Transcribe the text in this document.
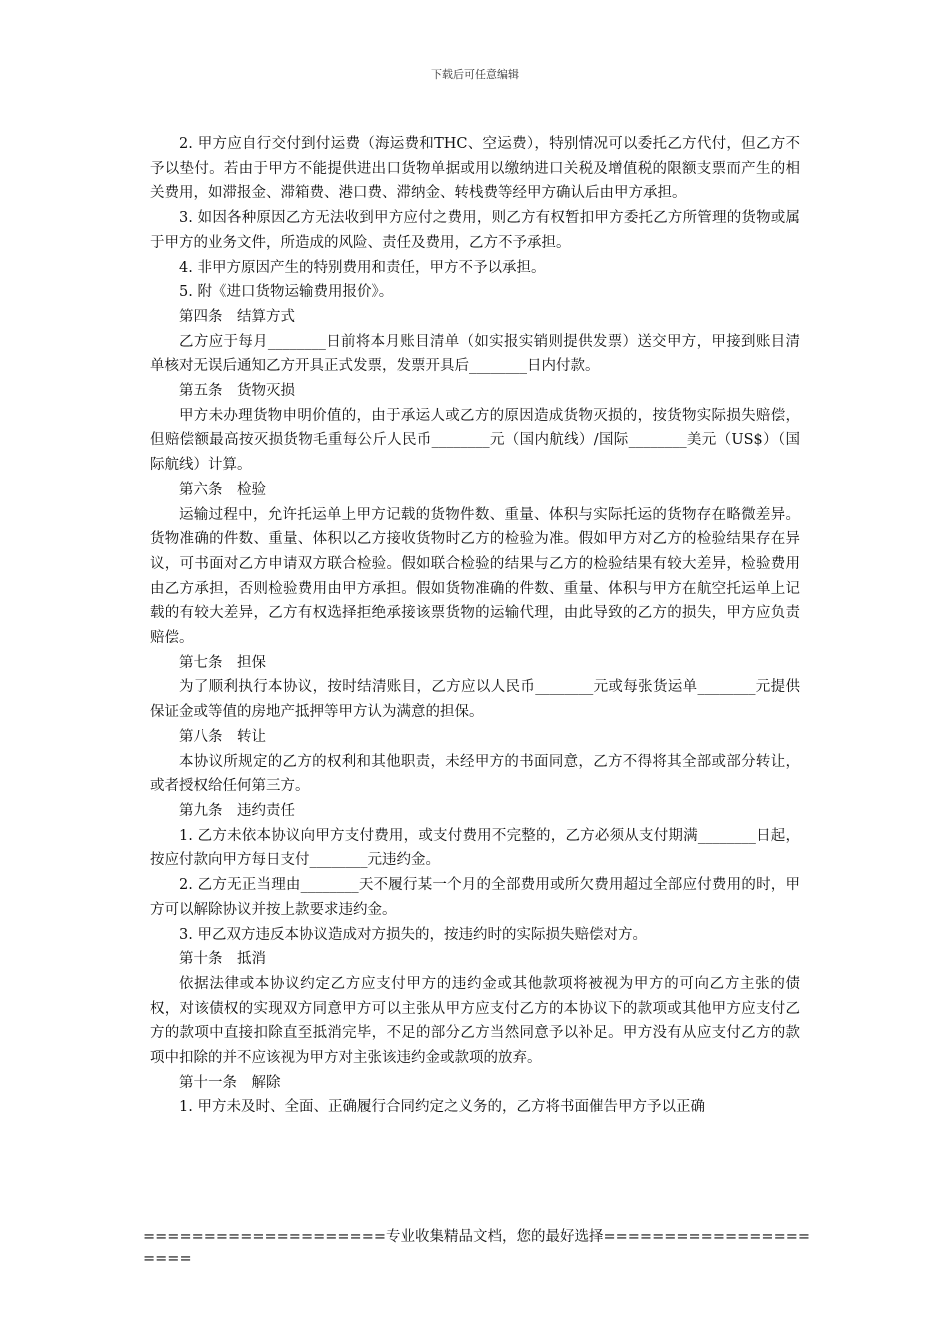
下载后可任意编辑

2. 甲方应自行交付到付运费（海运费和THC、空运费），特别情况可以委托乙方代付，但乙方不予以垫付。若由于甲方不能提供进出口货物单据或用以缴纳进口关税及增值税的限额支票而产生的相关费用，如滞报金、滞箱费、港口费、滞纳金、转栈费等经甲方确认后由甲方承担。

3. 如因各种原因乙方无法收到甲方应付之费用，则乙方有权暂扣甲方委托乙方所管理的货物或属于甲方的业务文件，所造成的风险、责任及费用，乙方不予承担。

4. 非甲方原因产生的特别费用和责任，甲方不予以承担。

5. 附《进口货物运输费用报价》。

第四条　结算方式

乙方应于每月________日前将本月账目清单（如实报实销则提供发票）送交甲方，甲接到账目清单核对无误后通知乙方开具正式发票，发票开具后________日内付款。

第五条　货物灭损

甲方未办理货物申明价值的，由于承运人或乙方的原因造成货物灭损的，按货物实际损失赔偿，但赔偿额最高按灭损货物毛重每公斤人民币________元（国内航线）/国际________美元（US$）（国际航线）计算。

第六条　检验

运输过程中，允许托运单上甲方记载的货物件数、重量、体积与实际托运的货物存在略微差异。货物准确的件数、重量、体积以乙方接收货物时乙方的检验为准。假如甲方对乙方的检验结果存在异议，可书面对乙方申请双方联合检验。假如联合检验的结果与乙方的检验结果有较大差异，检验费用由乙方承担，否则检验费用由甲方承担。假如货物准确的件数、重量、体积与甲方在航空托运单上记载的有较大差异，乙方有权选择拒绝承接该票货物的运输代理，由此导致的乙方的损失，甲方应负责赔偿。

第七条　担保

为了顺利执行本协议，按时结清账目，乙方应以人民币________元或每张货运单________元提供保证金或等值的房地产抵押等甲方认为满意的担保。

第八条　转让

本协议所规定的乙方的权利和其他职责，未经甲方的书面同意，乙方不得将其全部或部分转让，或者授权给任何第三方。

第九条　违约责任

1. 乙方未依本协议向甲方支付费用，或支付费用不完整的，乙方必须从支付期满________日起，按应付款向甲方每日支付________元违约金。

2. 乙方无正当理由________天不履行某一个月的全部费用或所欠费用超过全部应付费用的时，甲方可以解除协议并按上款要求违约金。

3. 甲乙双方违反本协议造成对方损失的，按违约时的实际损失赔偿对方。

第十条　抵消

依据法律或本协议约定乙方应支付甲方的违约金或其他款项将被视为甲方的可向乙方主张的债权，对该债权的实现双方同意甲方可以主张从甲方应支付乙方的本协议下的款项或其他甲方应支付乙方的款项中直接扣除直至抵消完毕，不足的部分乙方当然同意予以补足。甲方没有从应支付乙方的款项中扣除的并不应该视为甲方对主张该违约金或款项的放弃。

第十一条　解除

1. 甲方未及时、全面、正确履行合同约定之义务的，乙方将书面催告甲方予以正确

====================专业收集精品文档，您的最好选择=====================
